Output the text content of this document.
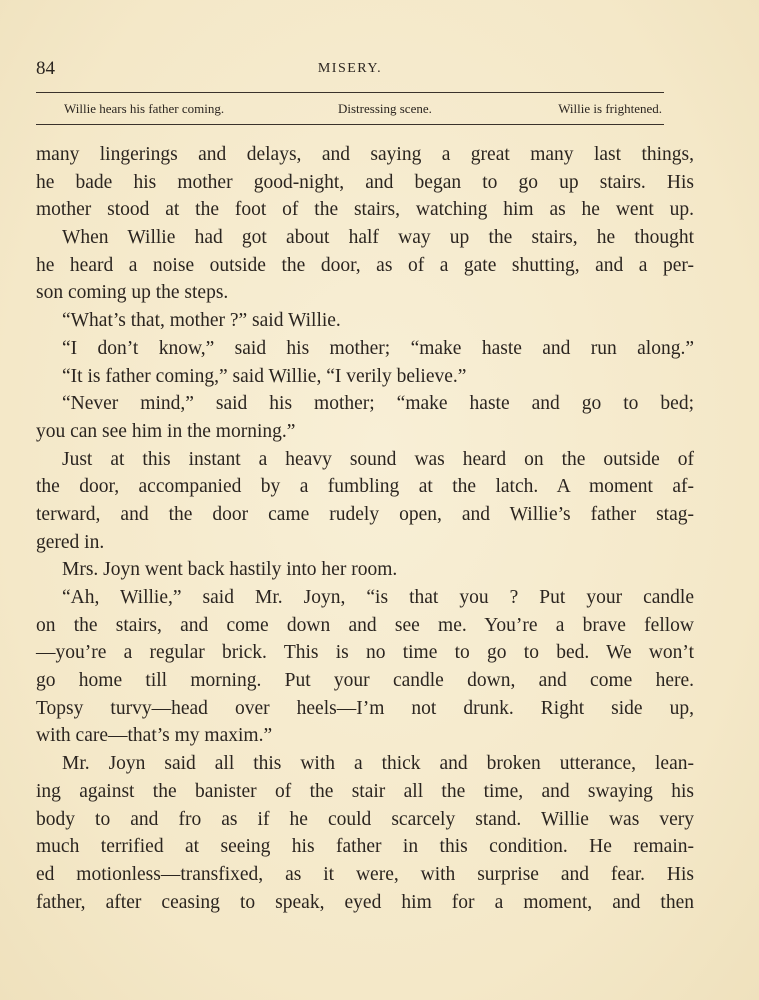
84	MISERY.
Willie hears his father coming.	Distressing scene.	Willie is frightened.
many lingerings and delays, and saying a great many last things,
he bade his mother good-night, and began to go up stairs. His
mother stood at the foot of the stairs, watching him as he went up.
When Willie had got about half way up the stairs, he thought
he heard a noise outside the door, as of a gate shutting, and a per-
son coming up the steps.
“What’s that, mother ?” said Willie.
“I don’t know,” said his mother; “make haste and run along.”
“It is father coming,” said Willie, “I verily believe.”
“Never mind,” said his mother; “make haste and go to bed;
you can see him in the morning.”
Just at this instant a heavy sound was heard on the outside of
the door, accompanied by a fumbling at the latch. A moment af-
terward, and the door came rudely open, and Willie’s father stag-
gered in.
Mrs. Joyn went back hastily into her room.
“Ah, Willie,” said Mr. Joyn, “is that you ? Put your candle
on the stairs, and come down and see me. You’re a brave fellow
—you’re a regular brick. This is no time to go to bed. We won’t
go home till morning. Put your candle down, and come here.
Topsy turvy—head over heels—I’m not drunk. Right side up,
with care—that’s my maxim.”
Mr. Joyn said all this with a thick and broken utterance, lean-
ing against the banister of the stair all the time, and swaying his
body to and fro as if he could scarcely stand. Willie was very
much terrified at seeing his father in this condition. He remain-
ed motionless—transfixed, as it were, with surprise and fear. His
father, after ceasing to speak, eyed him for a moment, and then
